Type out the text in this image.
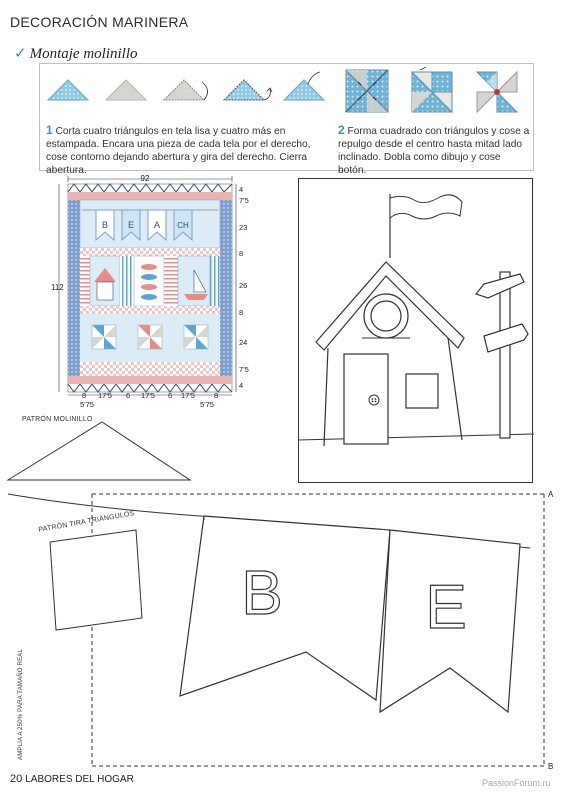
DECORACIÓN MARINERA
✓ Montaje molinillo
1 Corta cuatro triángulos en tela lisa y cuatro más en estampada. Encara una pieza de cada tela por el derecho, cose contorno dejando abertura y gira del derecho. Cierra abertura.
2 Forma cuadrado con triángulos y cose a repulgo desde el centro hasta mitad lado inclinado. Dobla como dibujo y cose botón.
92
112
B E A CH
4
7'5
23
8
26
8
24
7'5
4
8 17'5 6 17'5 6 17'5	8
5'75	5'75
PATRÓN MOLINILLO
B E
PATRÓN TIRA TRIÁNGULOS
A
B
AMPLIA A 250% PARA TAMAÑO REAL
20 LABORES DEL HOGAR	PassionForum.ru
